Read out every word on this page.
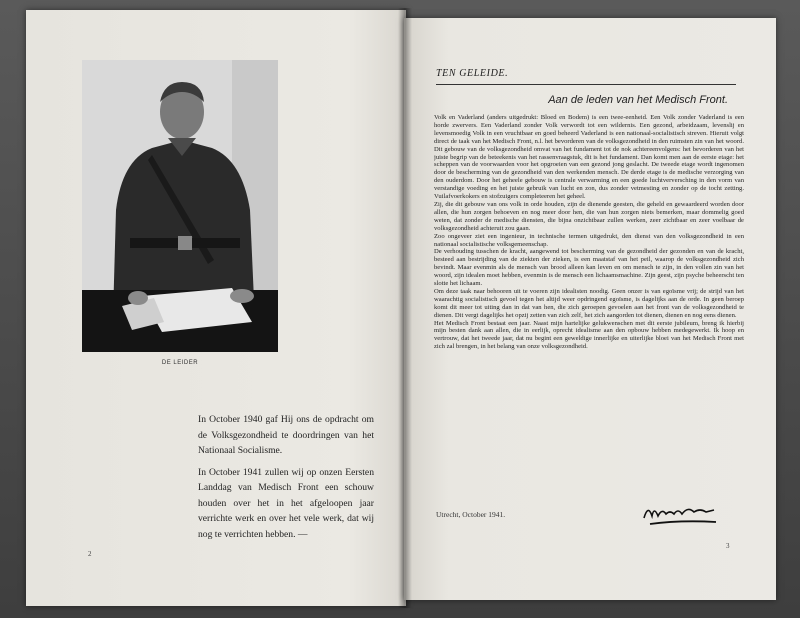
DE LEIDER

In October 1940 gaf Hij ons de opdracht om de Volksgezondheid te doordringen van het Nationaal Socialisme.

In October 1941 zullen wij op onzen Eersten Landdag van Medisch Front een schouw houden over het in het afgeloopen jaar verrichte werk en over het vele werk, dat wij nog te verrichten hebben. —

2
TEN GELEIDE.
Aan de leden van het Medisch Front.

Volk en Vaderland (anders uitgedrukt: Bloed en Bodem) is een twee-eenheid. Een Volk zonder Vaderland is een horde zwervers. Een Vaderland zonder Volk verwordt tot een wildernis. Een gezond, arbeidzaam, levenslij en levensmoedig Volk in een vruchtbaar en goed beheerd Vaderland is een nationaal-socialistisch streven. Hieruit volgt direct de taak van het Medisch Front, n.l. het bevorderen van de volksgezondheid in den ruimsten zin van het woord. Dit gebouw van de volksgezondheid omvat van het fundament tot de nok achtereenvolgens: het bevorderen van het juiste begrip van de beteekenis van het rassenvraagstuk, dit is het fundament. Dan komt men aan de eerste etage: het scheppen van de voorwaarden voor het opgroeien van een gezond jong geslacht. De tweede etage wordt ingenomen door de bescherming van de gezondheid van den werkenden mensch. De derde etage is de medische verzorging van den ouderdom. Door het geheele gebouw is centrale verwarming en een goede luchtverversching in den vorm van verstandige voeding en het juiste gebruik van lucht en zon, dus zonder vetmesting en zonder op de tocht zetting. Vuilafvoerkokers en stofzuigers completeeren het geheel.

Zij, die dit gebouw van ons volk in orde houden, zijn de dienende geesten, die geheld en gewaardeerd worden door allen, die hun zorgen behoeven en nog meer door hen, die van hun zorgen niets bemerken, maar dommelig goed weten, dat zonder de medische diensten, die bijna onzichtbaar zullen werken, zeer zichtbaar en zeer voelbaar de volksgezondheid achteruit zou gaan.

Zoo ongeveer ziet een ingenieur, in technische termen uitgedrukt, den dienst van den volksgezondheid in een nationaal socialistische volksgemeenschap.

De verhouding tusschen de kracht, aangewend tot bescherming van de gezondheid der gezonden en van de kracht, besteed aan bestrijding van de ziekten der zieken, is een maatstaf van het peil, waarop de volksgezondheid zich bevindt. Maar evenmin als de mensch van brood alleen kan leven en om mensch te zijn, in den vollen zin van het woord, zijn idealen moet hebben, evenmin is de mensch een lichaamsmachine. Zijn geest, zijn psyche beheerscht ten slotte het lichaam.

Om deze taak naar behooren uit te voeren zijn idealisten noodig. Geen onzer is van egoïsme vrij; de strijd van het waarachtig socialistisch gevoel tegen het altijd weer opdringend egoïsme, is dagelijks aan de orde. In geen beroep komt dit meer tot uiting dan in dat van hen, die zich geroepen gevoelen aan het front van de volksgezondheid te dienen. Dit vergt dagelijks het opzij zetten van zich zelf, het zich aangorden tot dienen, dienen en nog eens dienen.

Het Medisch Front bestaat een jaar. Naast mijn hartelijke gelukwenschen met dit eerste jubileum, breng ik hierbij mijn besten dank aan allen, die in eerlijk, oprecht idealisme aan den opbouw hebben medegewerkt. Ik hoop en vertrouw, dat het tweede jaar, dat nu begint een geweldige innerlijke en uiterlijke bloei van het Medisch Front met zich zal brengen, in het belang van onze volksgezondheid.

Utrecht, October 1941.
3
